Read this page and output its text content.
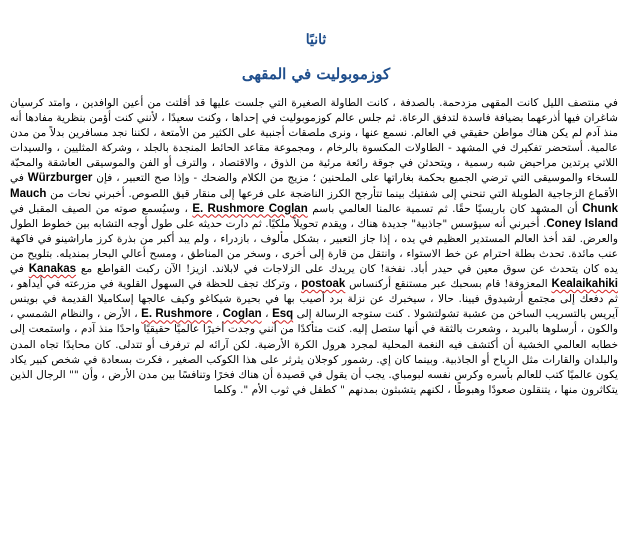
ثانيًا
كوزموبوليت في المقهى

في منتصف الليل كانت المقهى مزدحمة. بالصدفة ، كانت الطاولة الصغيرة التي جلست عليها قد أفلتت من أعين الوافدين ، وامتد كرسيان شاغران فيها أذرعهما بضيافة فاسدة لتدفق الرعاة. ثم جلس عالم كوزموبوليت في إحداها ، وكنت سعيدًا ، لأنني كنت أؤمن بنظرية مفادها أنه منذ آدم لم يكن هناك مواطن حقيقي في العالم. نسمع عنها ، ونرى ملصقات أجنبية على الكثير من الأمتعة ، لكننا نجد مسافرين بدلاً من مدن عالمية. أستحضر تفكيرك في المشهد - الطاولات المكسوة بالرخام ، ومجموعة مقاعد الحائط المنجدة بالجلد ، وشركة المثليين ، والسيدات اللاتي يرتدين مراحيض شبه رسمية ، ويتحدثن في جوقة رائعة مرئية من الذوق ، والاقتصاد ، والترف أو الفن والموسيقى العاشقة والمحبّة للسخاء والموسيقى التي ترضي الجميع بحكمة بغاراتها على الملحنين ؛ مزيج من الكلام والضحك - وإذا صح التعبير ، فإن Würzburger في الأقماع الزجاجية الطويلة التي تنحني إلى شفتيك بينما تتأرجح الكرز الناضجة على فرعها إلى منقار قيق اللصوص. أخبرني نحات من Mauch Chunk أن المشهد كان باريسيًا حقًا. ثم تسمية عالمنا العالمي باسم E. Rushmore Coglan ، وسيُسمع صوته من الصيف المقبل في Coney Island. أخبرني أنه سيؤسس "جاذبية" جديدة هناك ، ويقدم تحويلاً ملكيًا. ثم دارت حديثه على طول أوجه التشابه بين خطوط الطول والعرض. لقد أخذ العالم المستدير العظيم في يده ، إذا جاز التعبير ، بشكل مألوف ، بازدراء ، ولم يبد أكبر من بذرة كرز ماراشينو في فاكهة عنب مائدة. تحدث بطلة احترام عن خط الاستواء ، وانتقل من قارة إلى أخرى ، وسخر من المناطق ، ومسح أعالي البحار بمنديله. بتلويح من يده كان يتحدث عن سوق معين في حيدر أباد. نفخة! كان يريدك على الزلاجات في لابلاند. ازيز! الآن ركبت القواطع مع Kanakas في Kealaikahiki المعزوفة! قام بسحبك عبر مستنقع أركنساس postoak ، وتركك تجف للحظة في السهول القلوية في مزرعته في أيداهو ، ثم دفعك إلى مجتمع أرشيدوق فيينا. حالا ، سيخبرك عن نزلة برد أصيب بها في بحيرة شيكاغو وكيف عالجها إسكاميلا القديمة في بوينس آيريس بالتسريب الساخن من عشبة تشولتشولا . كنت ستوجه الرسالة إلى E. Rushmore ، Coglan ، Esq ، الأرض ، والنظام الشمسي ، والكون ، أرسلوها بالبريد ، وشعرت بالثقة في أنها ستصل إليه. كنت متأكدًا من أنني وجدت أخيرًا عالميًا حقيقيًا واحدًا منذ آدم ، واستمعت إلى خطابه العالمي الخشية أن أكتشف فيه النغمة المحلية لمجرد هرول الكرة الأرضية. لكن آرائه لم ترفرف أو تتدلى. كان محايدًا تجاه المدن والبلدان والقارات مثل الرياح أو الجاذبية. وبينما كان إي. رشمور كوجلان يثرثر على هذا الكوكب الصغير ، فكرت بسعادة في شخص كبير يكاد يكون عالميًا كتب للعالم بأسره وكرس نفسه لبومباي. يجب أن يقول في قصيدة أن هناك فخرًا وتنافسًا بين مدن الأرض ، وأن "" الرجال الذين يتكاثرون منها ، يتنقلون صعودًا وهبوطًا ، لكنهم يتشبثون بمدنهم " كطفل في ثوب الأم ". وكلما
